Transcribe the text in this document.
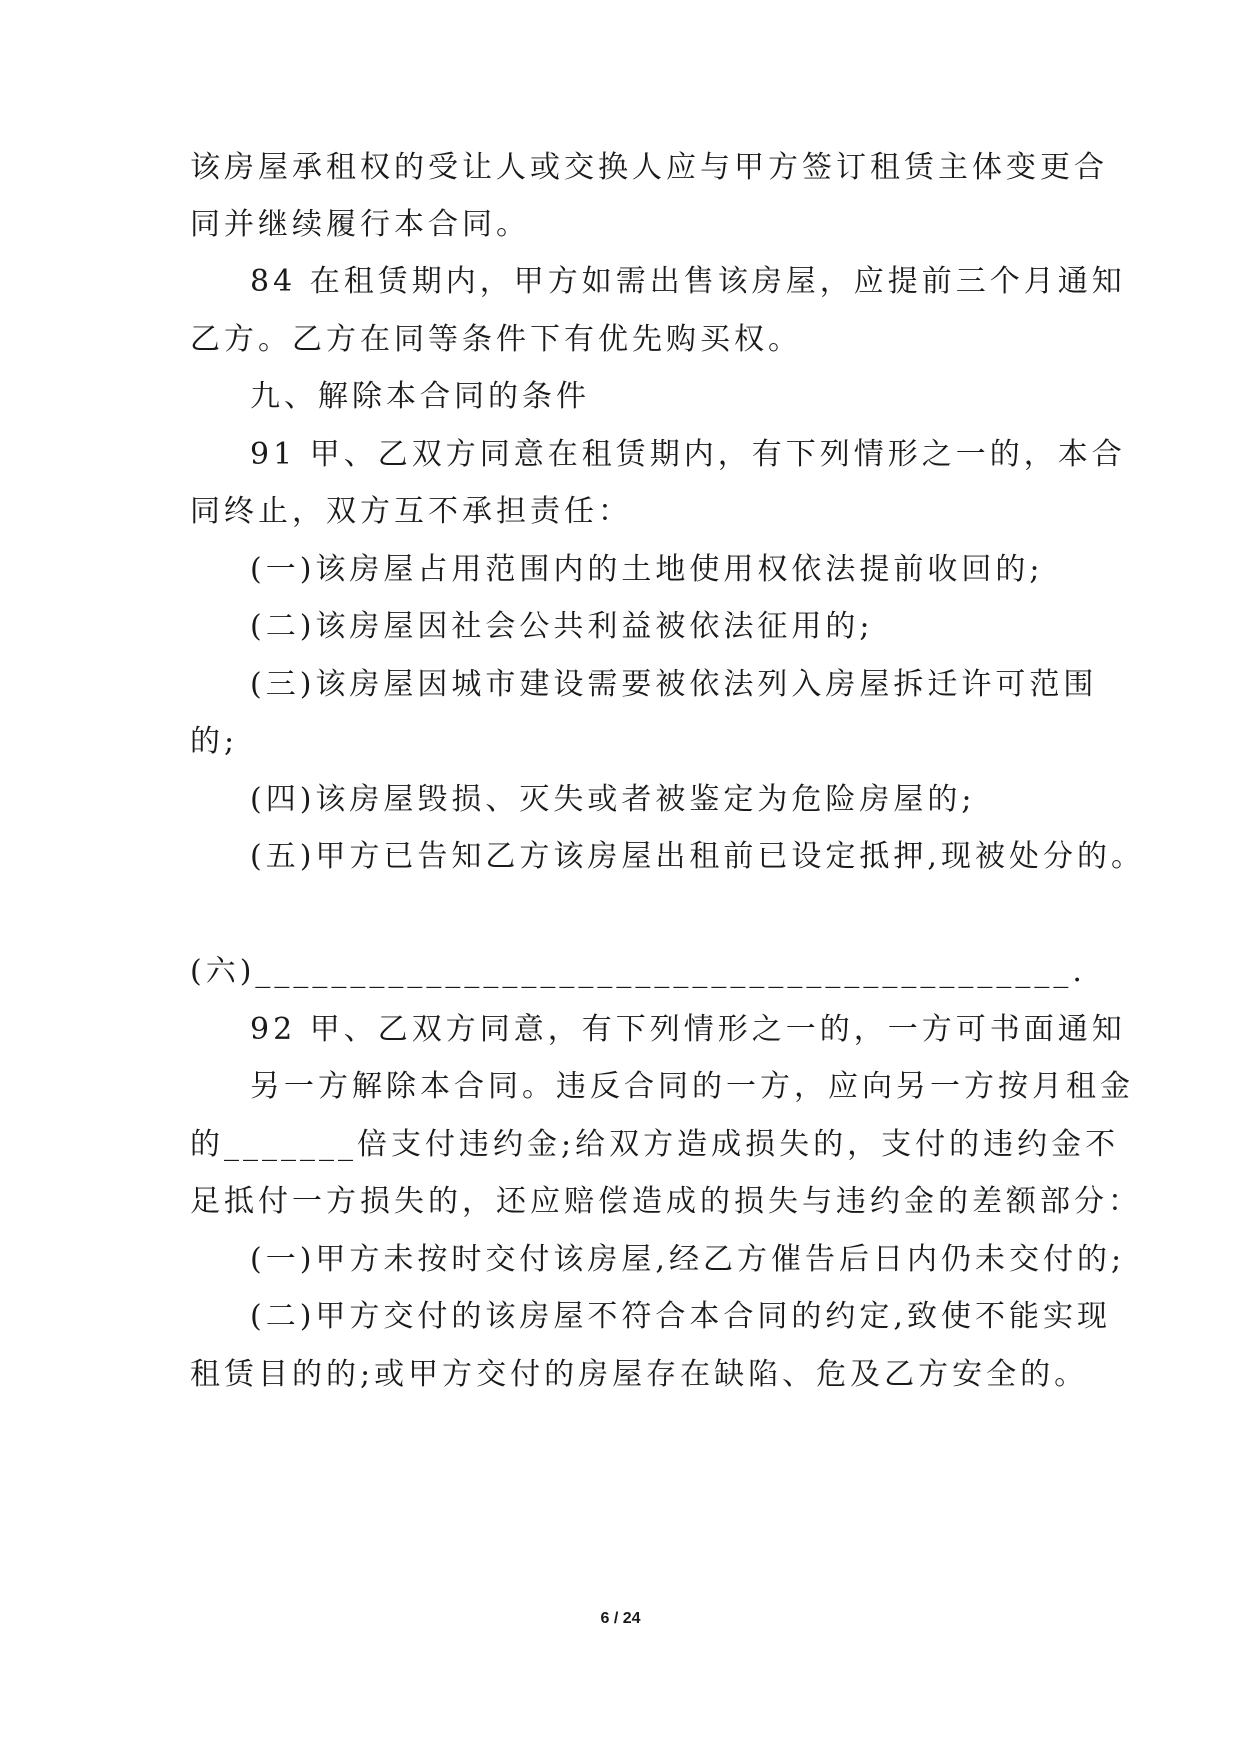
该房屋承租权的受让人或交换人应与甲方签订租赁主体变更合
同并继续履行本合同。
84 在租赁期内，甲方如需出售该房屋，应提前三个月通知
乙方。乙方在同等条件下有优先购买权。
九、解除本合同的条件
91 甲、乙双方同意在租赁期内，有下列情形之一的，本合
同终止，双方互不承担责任：
(一)该房屋占用范围内的土地使用权依法提前收回的;
(二)该房屋因社会公共利益被依法征用的;
(三)该房屋因城市建设需要被依法列入房屋拆迁许可范围
的;
(四)该房屋毁损、灭失或者被鉴定为危险房屋的;
(五)甲方已告知乙方该房屋出租前已设定抵押,现被处分的。
(六)___________________________________________.
92 甲、乙双方同意，有下列情形之一的，一方可书面通知
另一方解除本合同。违反合同的一方，应向另一方按月租金
的_______倍支付违约金;给双方造成损失的，支付的违约金不
足抵付一方损失的，还应赔偿造成的损失与违约金的差额部分：
(一)甲方未按时交付该房屋,经乙方催告后日内仍未交付的;
(二)甲方交付的该房屋不符合本合同的约定,致使不能实现
租赁目的的;或甲方交付的房屋存在缺陷、危及乙方安全的。
6 / 24
